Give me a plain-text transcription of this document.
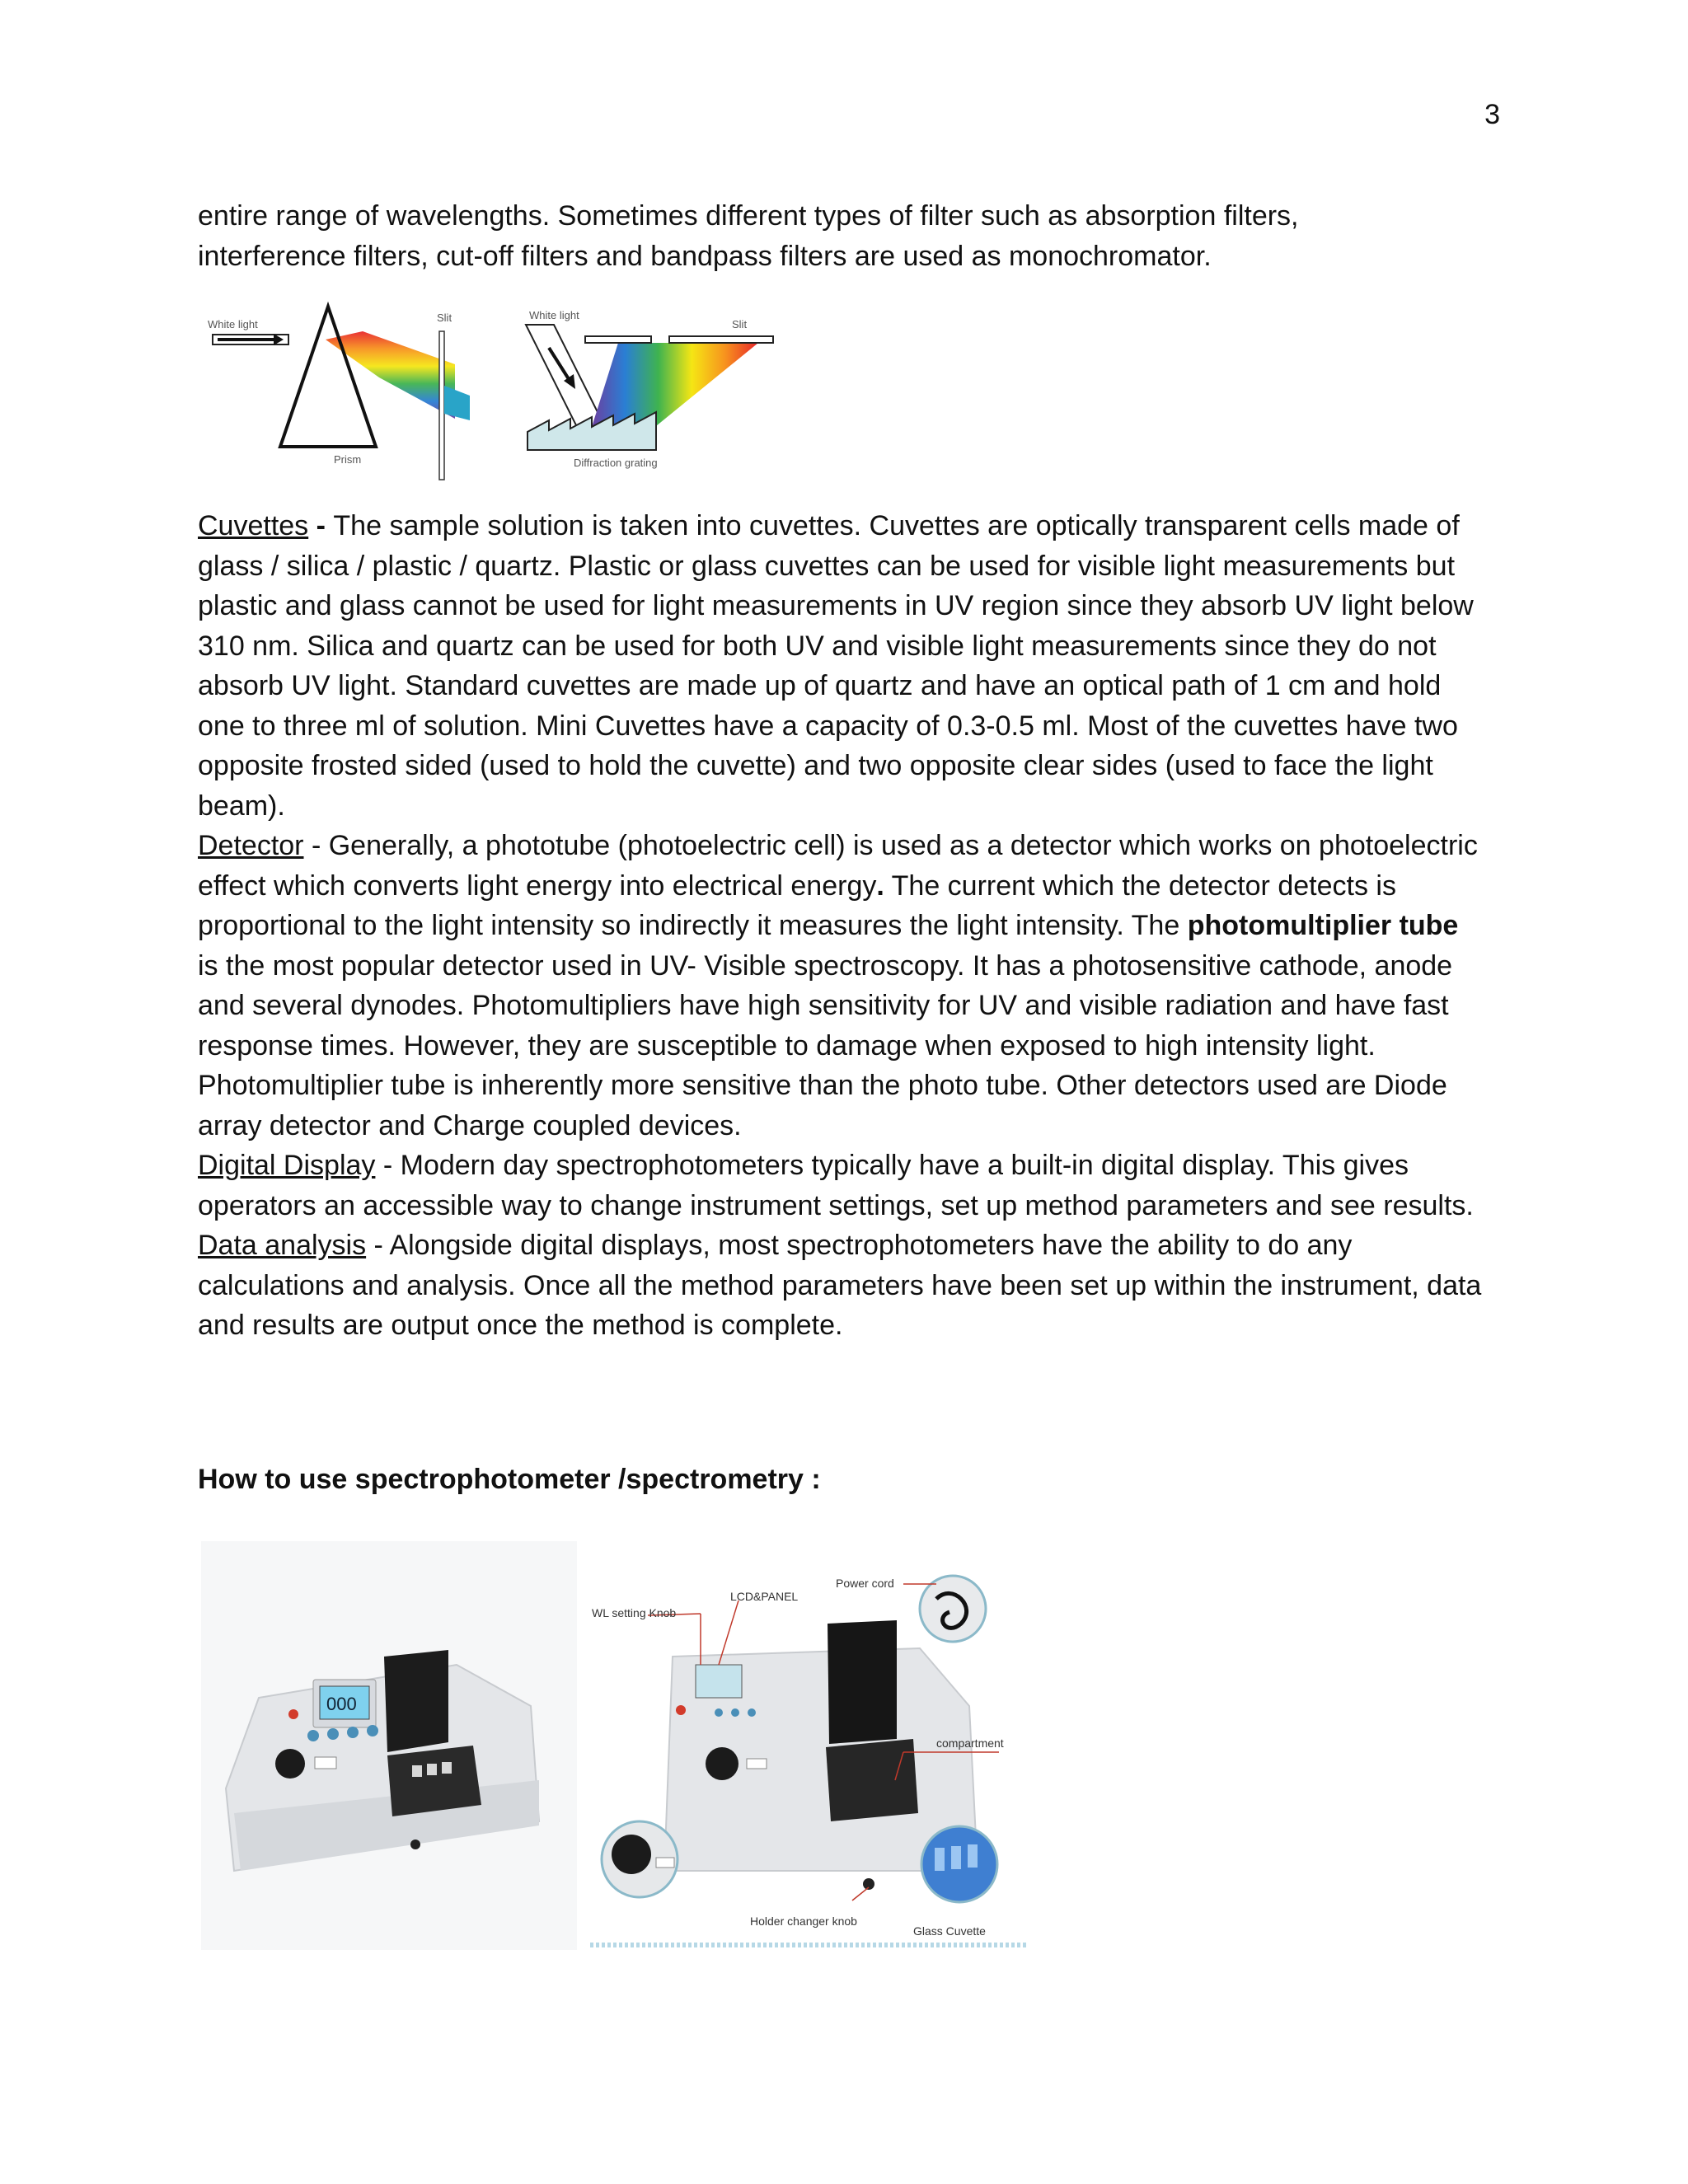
3
entire range of wavelengths. Sometimes different types of filter such as absorption filters,
interference filters, cut-off filters and bandpass filters are used as monochromator.
White light
Slit
Prism
White light
Slit
Diffraction grating
Cuvettes - The sample solution is taken into cuvettes. Cuvettes are optically transparent cells made of glass / silica / plastic / quartz. Plastic or glass cuvettes can be used for visible light measurements but plastic and glass cannot be used for light measurements in UV region since they absorb UV light below 310 nm. Silica and quartz can be used for both UV and visible light measurements since they do not absorb UV light. Standard cuvettes are made up of quartz and have an optical path of 1 cm and hold one to three ml of solution. Mini Cuvettes have a capacity of 0.3-0.5 ml. Most of the cuvettes have two opposite frosted sided (used to hold the cuvette) and two opposite clear sides (used to face the light beam).
Detector - Generally, a phototube (photoelectric cell) is used as a detector which works on photoelectric effect which converts light energy into electrical energy. The current which the detector detects is proportional to the light intensity so indirectly it measures the light intensity. The photomultiplier tube is the most popular detector used in UV- Visible spectroscopy. It has a photosensitive cathode, anode and several dynodes. Photomultipliers have high sensitivity for UV and visible radiation and have fast response times. However, they are susceptible to damage when exposed to high intensity light. Photomultiplier tube is inherently more sensitive than the photo tube. Other detectors used are Diode array detector and Charge coupled devices.
Digital Display - Modern day spectrophotometers typically have a built-in digital display. This gives operators an accessible way to change instrument settings, set up method parameters and see results.
Data analysis - Alongside digital displays, most spectrophotometers have the ability to do any calculations and analysis. Once all the method parameters have been set up within the instrument, data and results are output once the method is complete.
How to use spectrophotometer /spectrometry :
000
WL setting Knob
LCD&PANEL
Power cord
compartment
Holder changer knob
Glass Cuvette
